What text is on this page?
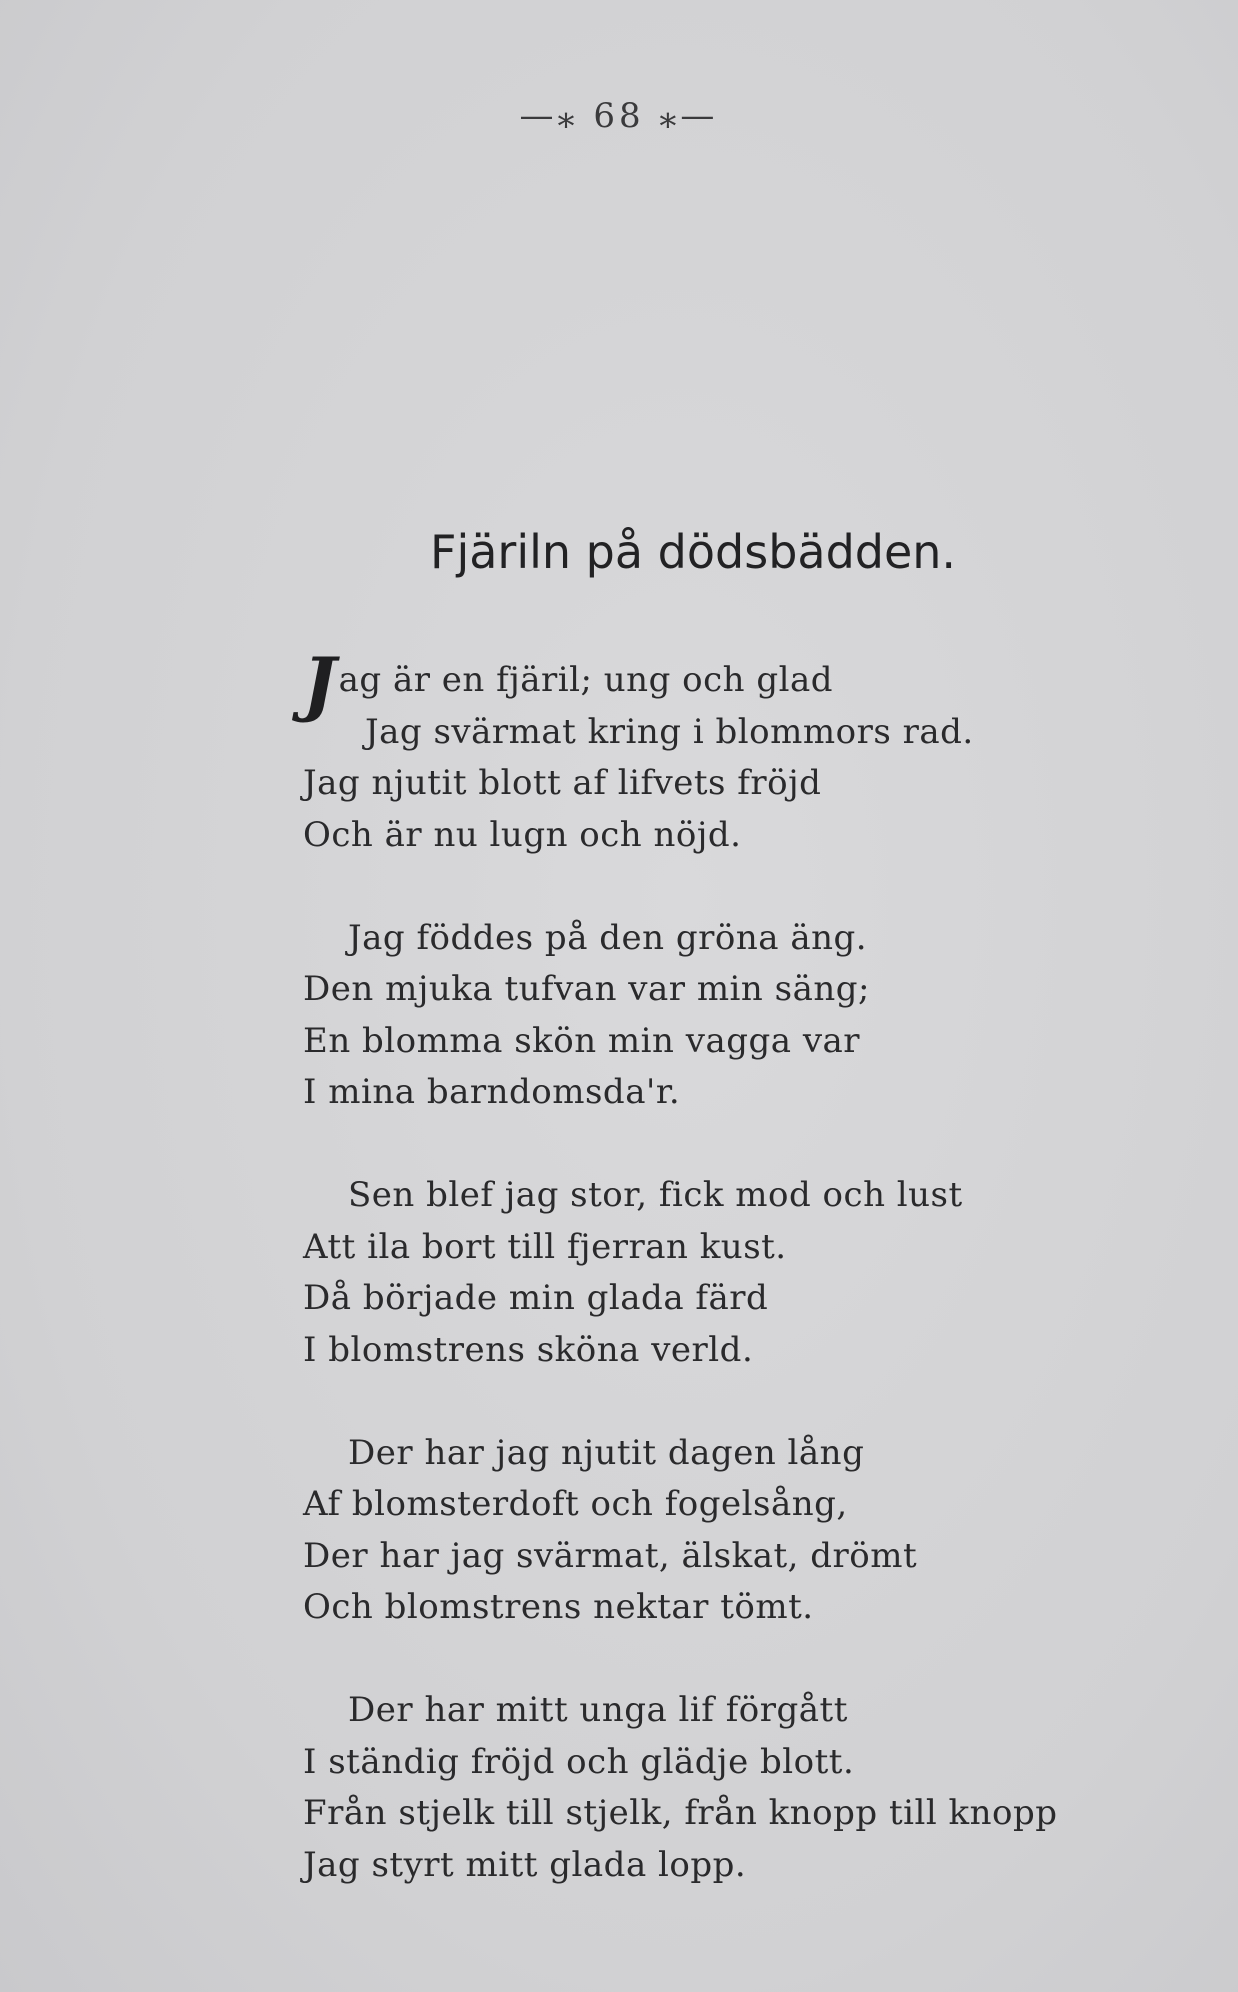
—⁎ 68 ⁎—
Fjäriln på dödsbädden.
Jag är en fjäril; ung och glad
Jag svärmat kring i blommors rad.
Jag njutit blott af lifvets fröjd
Och är nu lugn och nöjd.
Jag föddes på den gröna äng.
Den mjuka tufvan var min säng;
En blomma skön min vagga var
I mina barndomsda'r.
Sen blef jag stor, fick mod och lust
Att ila bort till fjerran kust.
Då började min glada färd
I blomstrens sköna verld.
Der har jag njutit dagen lång
Af blomsterdoft och fogelsång,
Der har jag svärmat, älskat, drömt
Och blomstrens nektar tömt.
Der har mitt unga lif förgått
I ständig fröjd och glädje blott.
Från stjelk till stjelk, från knopp till knopp
Jag styrt mitt glada lopp.
